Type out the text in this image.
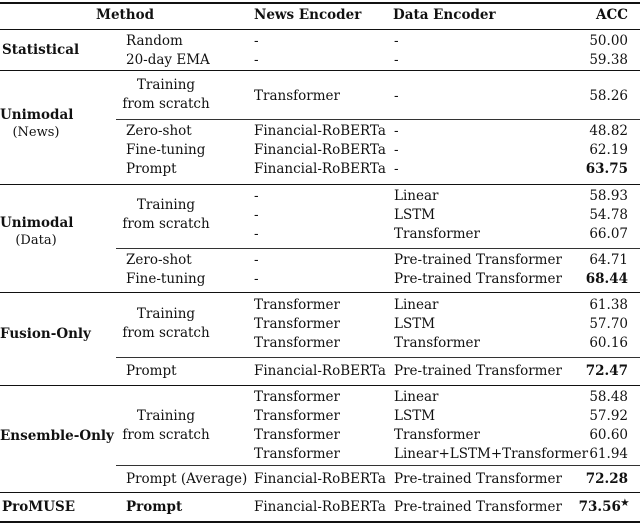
Method	News Encoder Data Encoder	ACC
Statistical
Random	-	-	50.00
20-day EMA	-	-	59.38
Unimodal
(News)
Training
from scratch	Transformer	-	58.26
Zero-shot	Financial-RoBERTa -	48.82
Fine-tuning	Financial-RoBERTa -	62.19
Prompt	Financial-RoBERTa -	63.75
Unimodal
(Data)
Training
from scratch
-	Linear	58.93
-	LSTM	54.78
-	Transformer	66.07
Zero-shot	-	Pre-trained Transformer	64.71
Fine-tuning	-	Pre-trained Transformer	68.44
Fusion-Only
Training
from scratch
Transformer	Linear	61.38
Transformer	LSTM	57.70
Transformer	Transformer	60.16
Prompt	Financial-RoBERTa Pre-trained Transformer	72.47
Ensemble-Only
Training
from scratch
Transformer	Linear	58.48
Transformer	LSTM	57.92
Transformer	Transformer	60.60
Transformer	Linear+LSTM+Transformer 61.94
Prompt (Average) Financial-RoBERTa Pre-trained Transformer	72.28
ProMUSE	Prompt	Financial-RoBERTa Pre-trained Transformer	73.56★
